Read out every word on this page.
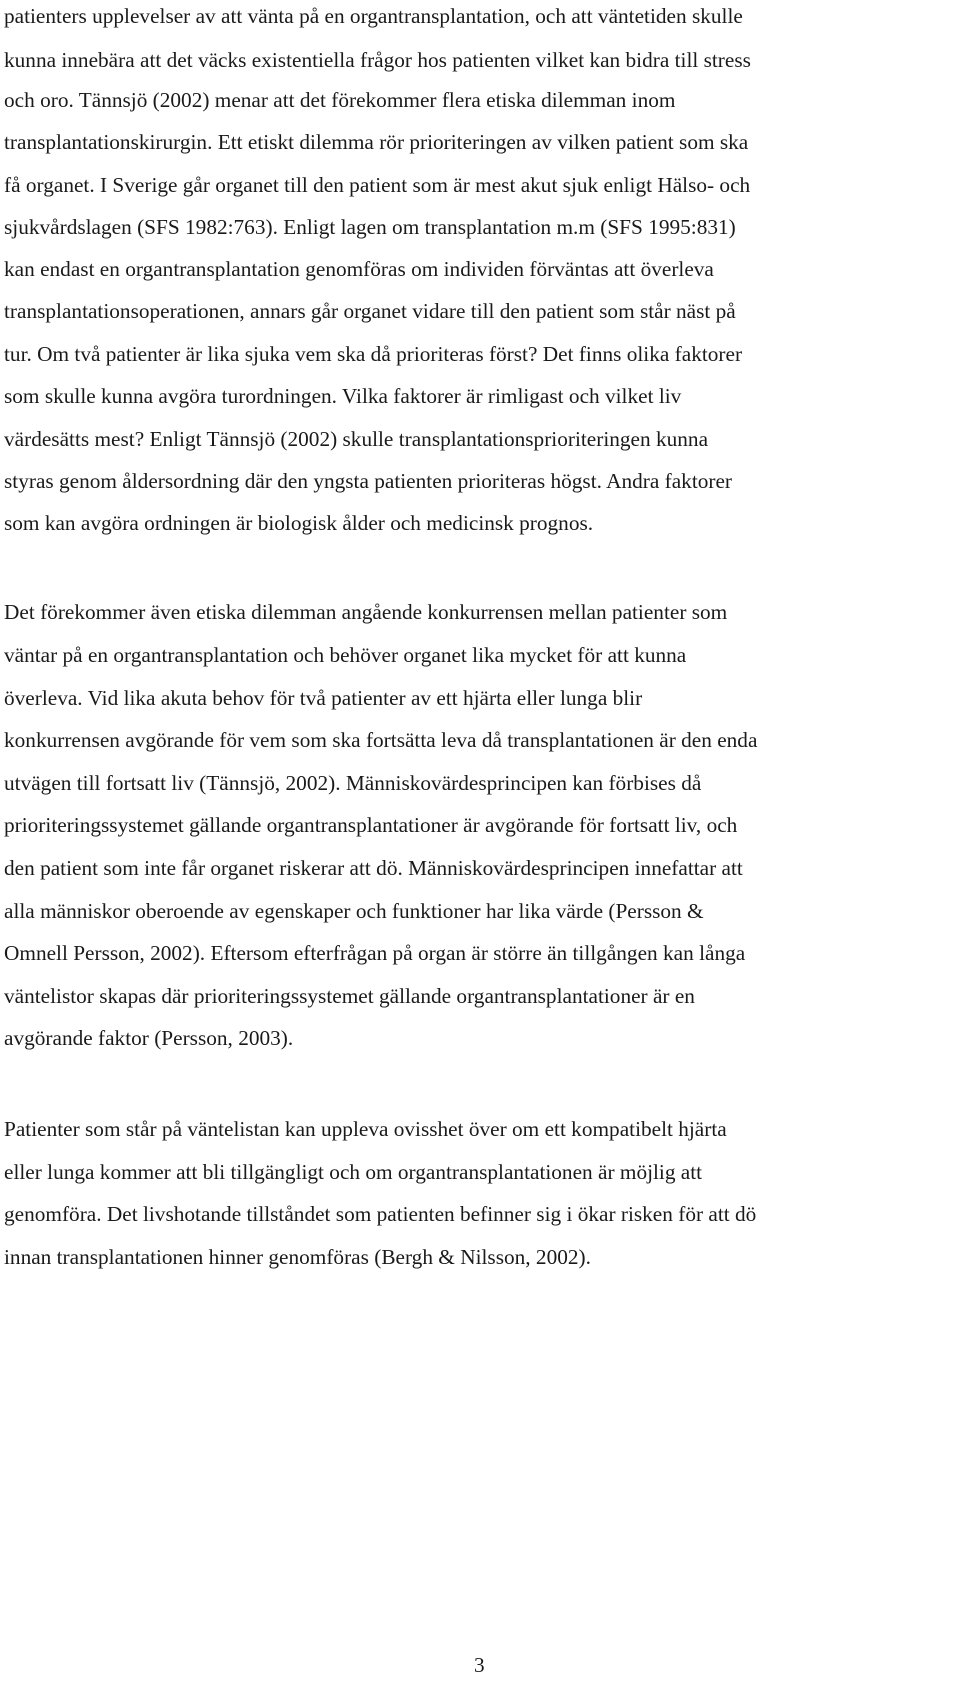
patienters upplevelser av att vänta på en organtransplantation, och att väntetiden skulle
kunna innebära att det väcks existentiella frågor hos patienten vilket kan bidra till stress
och oro. Tännsjö (2002) menar att det förekommer flera etiska dilemman inom
transplantationskirurgin. Ett etiskt dilemma rör prioriteringen av vilken patient som ska
få organet. I Sverige går organet till den patient som är mest akut sjuk enligt Hälso- och
sjukvårdslagen (SFS 1982:763). Enligt lagen om transplantation m.m (SFS 1995:831)
kan endast en organtransplantation genomföras om individen förväntas att överleva
transplantationsoperationen, annars går organet vidare till den patient som står näst på
tur. Om två patienter är lika sjuka vem ska då prioriteras först? Det finns olika faktorer
som skulle kunna avgöra turordningen. Vilka faktorer är rimligast och vilket liv
värdesätts mest? Enligt Tännsjö (2002) skulle transplantationsprioriteringen kunna
styras genom åldersordning där den yngsta patienten prioriteras högst. Andra faktorer
som kan avgöra ordningen är biologisk ålder och medicinsk prognos.
Det förekommer även etiska dilemman angående konkurrensen mellan patienter som
väntar på en organtransplantation och behöver organet lika mycket för att kunna
överleva. Vid lika akuta behov för två patienter av ett hjärta eller lunga blir
konkurrensen avgörande för vem som ska fortsätta leva då transplantationen är den enda
utvägen till fortsatt liv (Tännsjö, 2002). Människovärdesprincipen kan förbises då
prioriteringssystemet gällande organtransplantationer är avgörande för fortsatt liv, och
den patient som inte får organet riskerar att dö. Människovärdesprincipen innefattar att
alla människor oberoende av egenskaper och funktioner har lika värde (Persson &
Omnell Persson, 2002). Eftersom efterfrågan på organ är större än tillgången kan långa
väntelistor skapas där prioriteringssystemet gällande organtransplantationer är en
avgörande faktor (Persson, 2003).
Patienter som står på väntelistan kan uppleva ovisshet över om ett kompatibelt hjärta
eller lunga kommer att bli tillgängligt och om organtransplantationen är möjlig att
genomföra. Det livshotande tillståndet som patienten befinner sig i ökar risken för att dö
innan transplantationen hinner genomföras (Bergh & Nilsson, 2002).
3
